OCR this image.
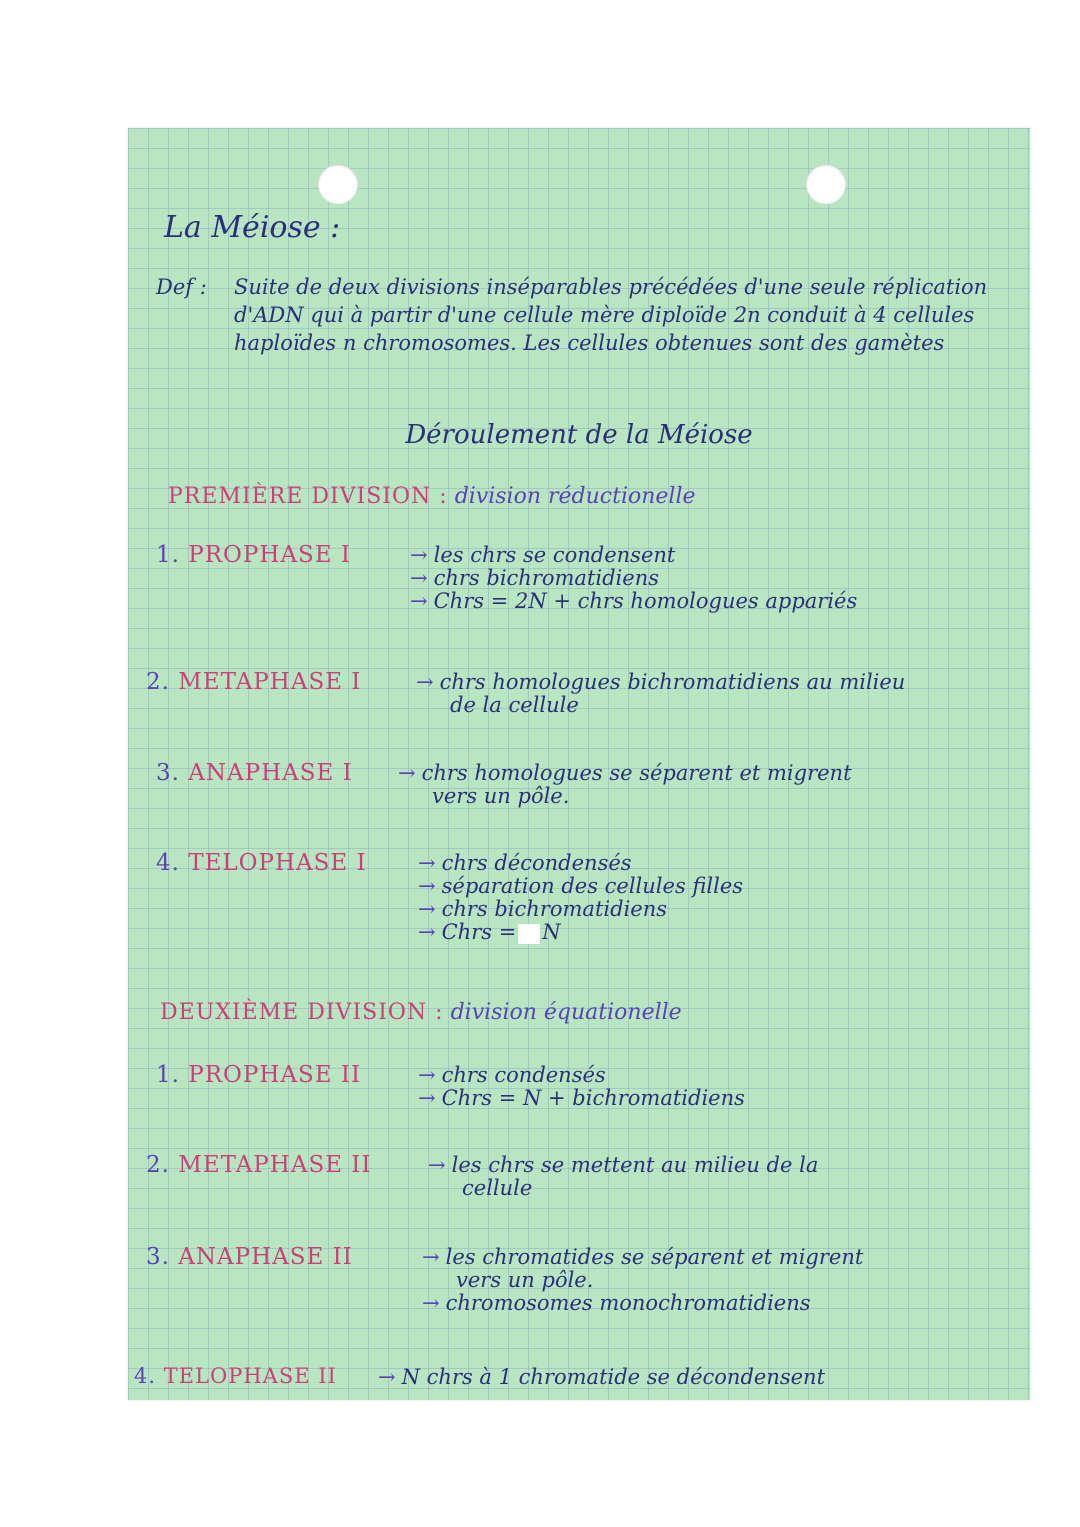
La Méiose :
Def : Suite de deux divisions inséparables précédées d'une seule réplication d'ADN qui à partir d'une cellule mère diploïde 2n conduit à 4 cellules haploïdes n chromosomes. Les cellules obtenues sont des gamètes
Déroulement de la Méiose
PREMIÈRE DIVISION : division réductionelle
1. PROPHASE I	→ les chrs se condensent
→ chrs bichromatidiens
→ Chrs = 2N + chrs homologues appariés
2. METAPHASE I	→ chrs homologues bichromatidiens au milieu
de la cellule
3. ANAPHASE I → chrs homologues se séparent et migrent
vers un pôle.
4. TELOPHASE I → chrs décondensés
→ séparation des cellules filles
→ chrs bichromatidiens
→ Chrs = N
DEUXIÈME DIVISION : division équationelle
1. PROPHASE II	→ chrs condensés
→ Chrs = N + bichromatidiens
2. METAPHASE II	→ les chrs se mettent au milieu de la
cellule
3. ANAPHASE II	→ les chromatides se séparent et migrent
vers un pôle.
→ chromosomes monochromatidiens
4. TELOPHASE II → N chrs à 1 chromatide se décondensent
